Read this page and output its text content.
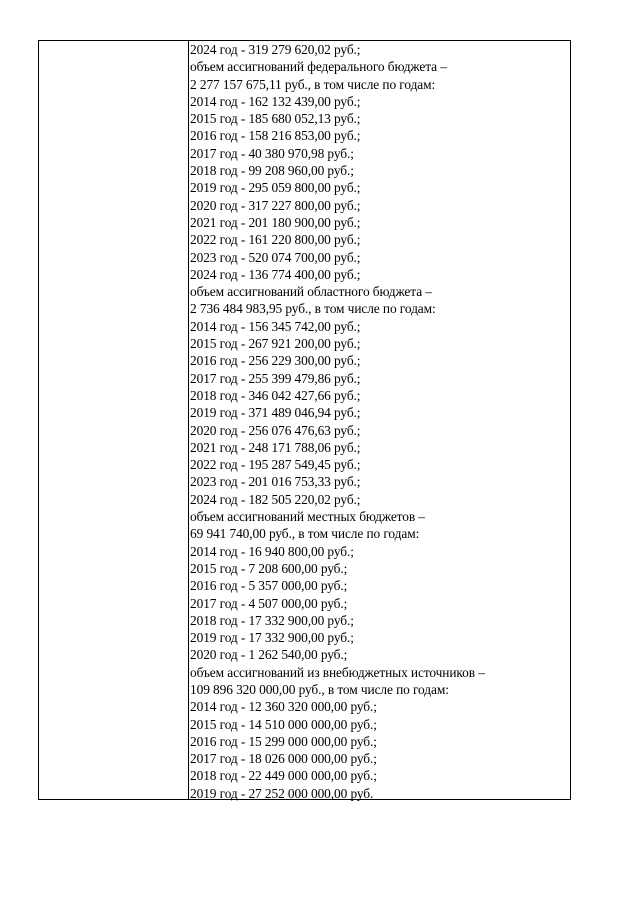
2024 год - 319 279 620,02 руб.;
объем ассигнований федерального бюджета –
2 277 157 675,11 руб., в том числе по годам:
2014 год - 162 132 439,00 руб.;
2015 год - 185 680 052,13 руб.;
2016 год - 158 216 853,00 руб.;
2017 год - 40 380 970,98 руб.;
2018 год - 99 208 960,00 руб.;
2019 год - 295 059 800,00 руб.;
2020 год - 317 227 800,00 руб.;
2021 год - 201 180 900,00 руб.;
2022 год - 161 220 800,00 руб.;
2023 год - 520 074 700,00 руб.;
2024 год - 136 774 400,00 руб.;
объем ассигнований областного бюджета –
2 736 484 983,95 руб., в том числе по годам:
2014 год - 156 345 742,00 руб.;
2015 год - 267 921 200,00 руб.;
2016 год - 256 229 300,00 руб.;
2017 год - 255 399 479,86 руб.;
2018 год - 346 042 427,66 руб.;
2019 год - 371 489 046,94 руб.;
2020 год - 256 076 476,63 руб.;
2021 год - 248 171 788,06 руб.;
2022 год - 195 287 549,45 руб.;
2023 год - 201 016 753,33 руб.;
2024 год - 182 505 220,02 руб.;
объем ассигнований местных бюджетов –
69 941 740,00 руб., в том числе по годам:
2014 год - 16 940 800,00 руб.;
2015 год - 7 208 600,00 руб.;
2016 год - 5 357 000,00 руб.;
2017 год - 4 507 000,00 руб.;
2018 год - 17 332 900,00 руб.;
2019 год - 17 332 900,00 руб.;
2020 год - 1 262 540,00 руб.;
объем ассигнований из внебюджетных источников –
109 896 320 000,00 руб., в том числе по годам:
2014 год - 12 360 320 000,00 руб.;
2015 год - 14 510 000 000,00 руб.;
2016 год - 15 299 000 000,00 руб.;
2017 год - 18 026 000 000,00 руб.;
2018 год - 22 449 000 000,00 руб.;
2019 год - 27 252 000 000,00 руб.
